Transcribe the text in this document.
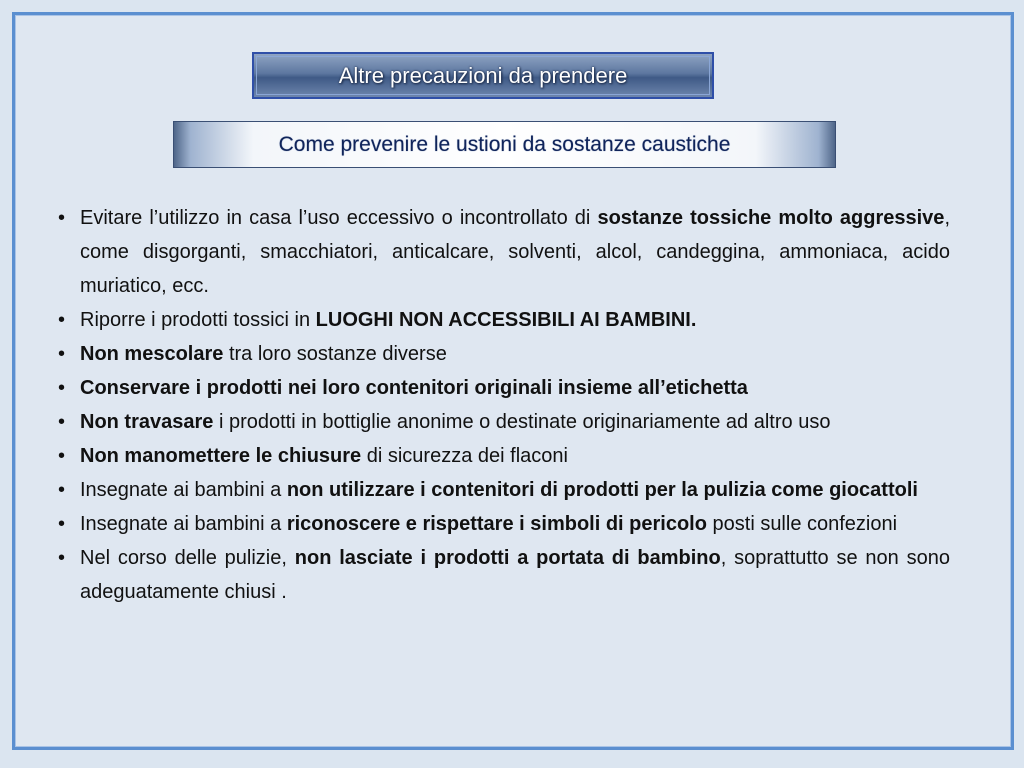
Altre precauzioni da prendere
Come prevenire le ustioni da sostanze caustiche

• Evitare l’utilizzo in casa l’uso eccessivo o incontrollato di sostanze tossiche molto aggressive, come disgorganti, smacchiatori, anticalcare, solventi, alcol, candeggina, ammoniaca, acido muriatico, ecc.

• Riporre i prodotti tossici in LUOGHI NON ACCESSIBILI AI BAMBINI.

• Non mescolare tra loro sostanze diverse

• Conservare i prodotti nei loro contenitori originali insieme all’etichetta

• Non travasare i prodotti in bottiglie anonime o destinate originariamente ad altro uso

• Non manomettere le chiusure di sicurezza dei flaconi

• Insegnate ai bambini a non utilizzare i contenitori di prodotti per la pulizia come giocattoli

• Insegnate ai bambini a riconoscere e rispettare i simboli di pericolo posti sulle confezioni

• Nel corso delle pulizie, non lasciate i prodotti a portata di bambino, soprattutto se non sono adeguatamente chiusi .
